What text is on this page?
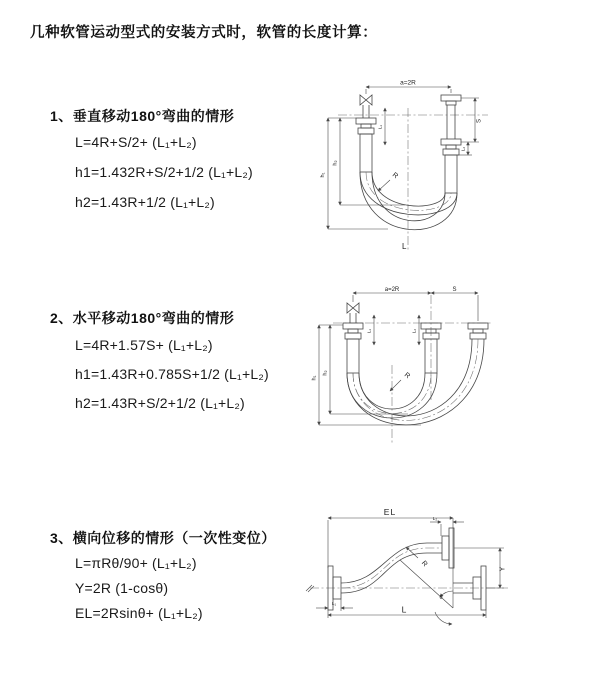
几种软管运动型式的安装方式时，软管的长度计算：
1、垂直移动180°弯曲的情形
L=4R+S/2+ (L₁+L₂)
h1=1.432R+S/2+1/2 (L₁+L₂)
h2=1.43R+1/2 (L₁+L₂)
a=2R
h₁
h₂
L₁
S
L₂
R
L
2、水平移动180°弯曲的情形
L=4R+1.57S+ (L₁+L₂)
h1=1.43R+0.785S+1/2 (L₁+L₂)
h2=1.43R+S/2+1/2 (L₁+L₂)
a=2R	S
h₁
h₂
L₁	L₂
R
3、横向位移的情形（一次性变位）
L=πRθ/90+ (L₁+L₂)
Y=2R (1-cosθ)
EL=2Rsinθ+ (L₁+L₂)
EL
L₂
θ
R
Y
L₁	L
